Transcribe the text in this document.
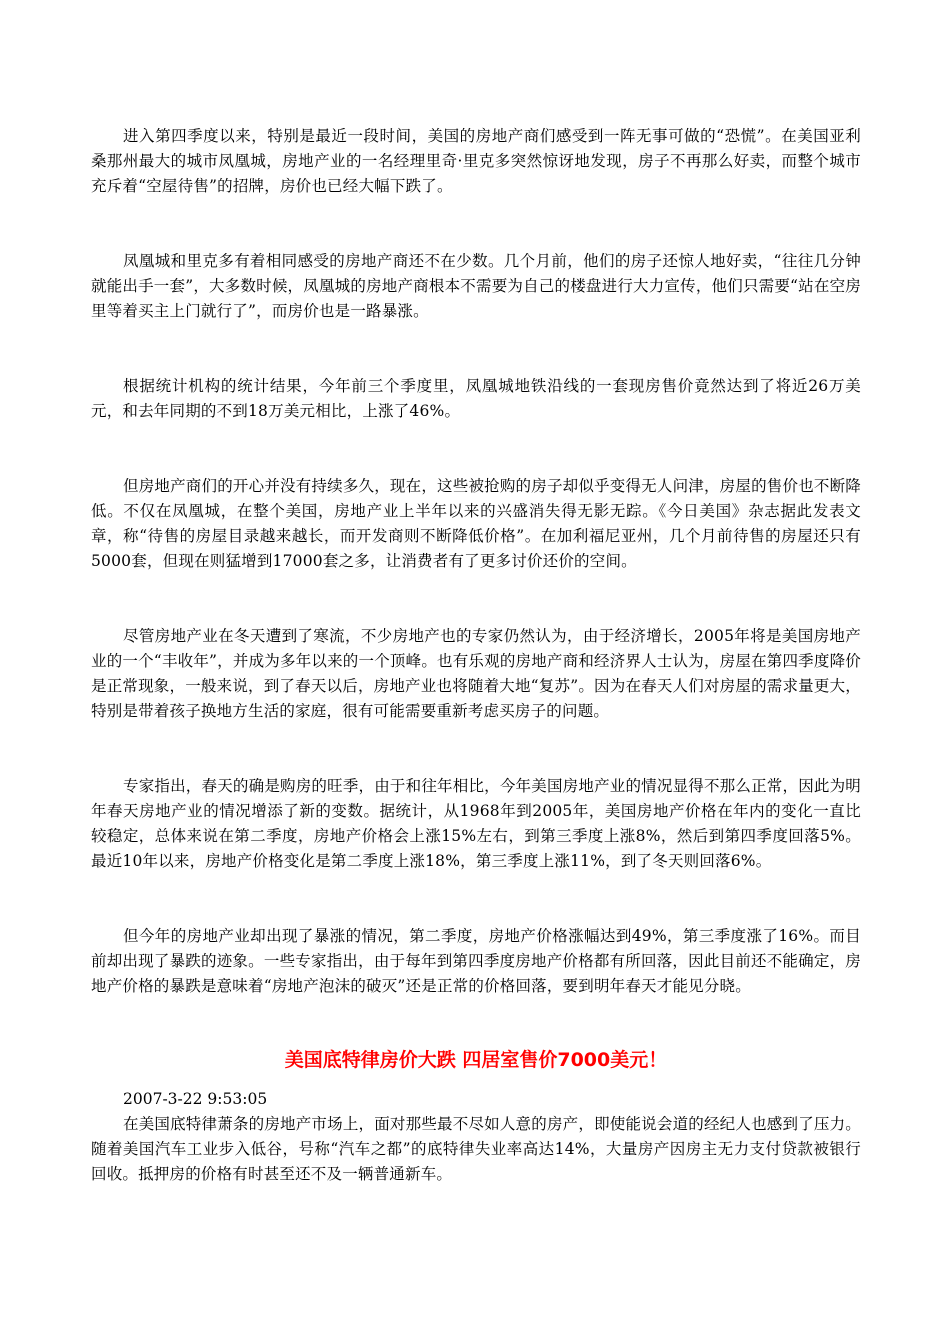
进入第四季度以来，特别是最近一段时间，美国的房地产商们感受到一阵无事可做的“恐慌”。在美国亚利桑那州最大的城市凤凰城，房地产业的一名经理里奇·里克多突然惊讶地发现，房子不再那么好卖，而整个城市充斥着“空屋待售”的招牌，房价也已经大幅下跌了。

凤凰城和里克多有着相同感受的房地产商还不在少数。几个月前，他们的房子还惊人地好卖，“往往几分钟就能出手一套”，大多数时候，凤凰城的房地产商根本不需要为自己的楼盘进行大力宣传，他们只需要“站在空房里等着买主上门就行了”，而房价也是一路暴涨。

根据统计机构的统计结果，今年前三个季度里，凤凰城地铁沿线的一套现房售价竟然达到了将近26万美元，和去年同期的不到18万美元相比，上涨了46%。

但房地产商们的开心并没有持续多久，现在，这些被抢购的房子却似乎变得无人问津，房屋的售价也不断降低。不仅在凤凰城，在整个美国，房地产业上半年以来的兴盛消失得无影无踪。《今日美国》杂志据此发表文章，称“待售的房屋目录越来越长，而开发商则不断降低价格”。在加利福尼亚州，几个月前待售的房屋还只有5000套，但现在则猛增到17000套之多，让消费者有了更多讨价还价的空间。

尽管房地产业在冬天遭到了寒流，不少房地产也的专家仍然认为，由于经济增长，2005年将是美国房地产业的一个“丰收年”，并成为多年以来的一个顶峰。也有乐观的房地产商和经济界人士认为，房屋在第四季度降价是正常现象，一般来说，到了春天以后，房地产业也将随着大地“复苏”。因为在春天人们对房屋的需求量更大，特别是带着孩子换地方生活的家庭，很有可能需要重新考虑买房子的问题。

专家指出，春天的确是购房的旺季，由于和往年相比，今年美国房地产业的情况显得不那么正常，因此为明年春天房地产业的情况增添了新的变数。据统计，从1968年到2005年，美国房地产价格在年内的变化一直比较稳定，总体来说在第二季度，房地产价格会上涨15%左右，到第三季度上涨8%，然后到第四季度回落5%。最近10年以来，房地产价格变化是第二季度上涨18%，第三季度上涨11%，到了冬天则回落6%。

但今年的房地产业却出现了暴涨的情况，第二季度，房地产价格涨幅达到49%，第三季度涨了16%。而目前却出现了暴跌的迹象。一些专家指出，由于每年到第四季度房地产价格都有所回落，因此目前还不能确定，房地产价格的暴跌是意味着“房地产泡沫的破灭”还是正常的价格回落，要到明年春天才能见分晓。

美国底特律房价大跌 四居室售价7000美元！

2007-3-22 9:53:05

在美国底特律萧条的房地产市场上，面对那些最不尽如人意的房产，即使能说会道的经纪人也感到了压力。随着美国汽车工业步入低谷，号称“汽车之都”的底特律失业率高达14%，大量房产因房主无力支付贷款被银行回收。抵押房的价格有时甚至还不及一辆普通新车。
